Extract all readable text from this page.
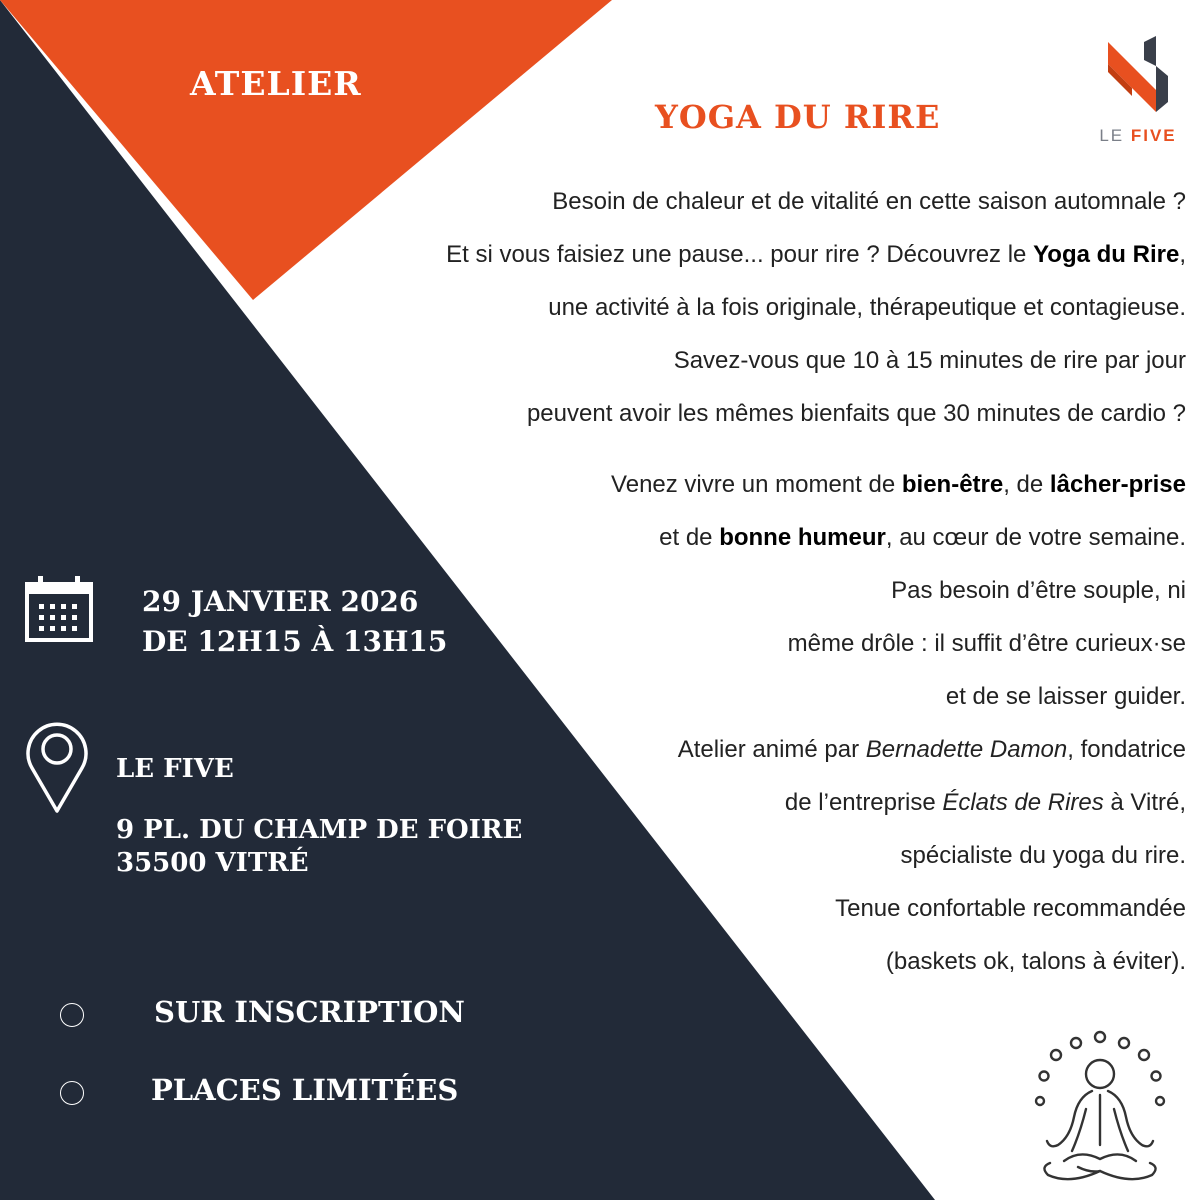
ATELIER
YOGA DU RIRE	LE FIVE
Besoin de chaleur et de vitalité en cette saison automnale ?
Et si vous faisiez une pause... pour rire ? Découvrez le Yoga du Rire,
une activité à la fois originale, thérapeutique et contagieuse.
Savez-vous que 10 à 15 minutes de rire par jour
peuvent avoir les mêmes bienfaits que 30 minutes de cardio ?
Venez vivre un moment de bien-être, de lâcher-prise
et de bonne humeur, au cœur de votre semaine.
Pas besoin d’être souple, ni
même drôle : il suffit d’être curieux·se
et de se laisser guider.
Atelier animé par Bernadette Damon, fondatrice
de l’entreprise Éclats de Rires à Vitré,
spécialiste du yoga du rire.
Tenue confortable recommandée
(baskets ok, talons à éviter).
29 JANVIER 2026
DE 12H15 À 13H15
LE FIVE
9 PL. DU CHAMP DE FOIRE
35500 VITRÉ
SUR INSCRIPTION
PLACES LIMITÉES
